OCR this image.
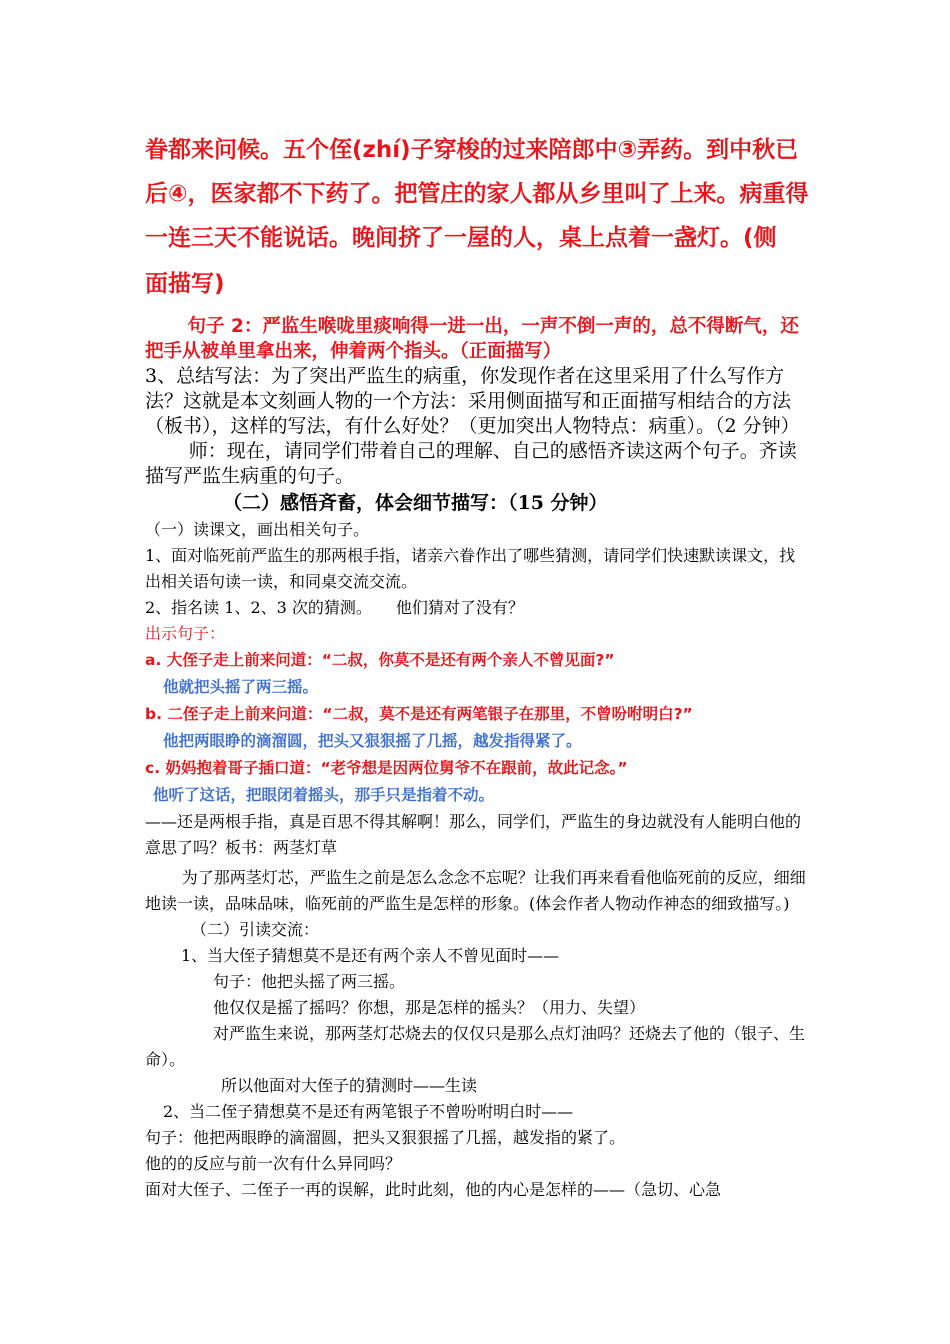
眷都来问候。五个侄(zhí)子穿梭的过来陪郎中③弄药。到中秋已后④，医家都不下药了。把管庄的家人都从乡里叫了上来。病重得一连三天不能说话。晚间挤了一屋的人，桌上点着一盏灯。(侧

面描写)

句子 2：严监生喉咙里痰响得一进一出，一声不倒一声的，总不得断气，还把手从被单里拿出来，伸着两个指头。（正面描写）

3、总结写法：为了突出严监生的病重，你发现作者在这里采用了什么写作方法？这就是本文刻画人物的一个方法：采用侧面描写和正面描写相结合的方法（板书），这样的写法，有什么好处？（更加突出人物特点：病重）。（2 分钟）

师：现在，请同学们带着自己的理解、自己的感悟齐读这两个句子。齐读描写严监生病重的句子。

（二）感悟斉畜，体会细节描写：（15 分钟）

（一）读课文，画出相关句子。

1、面对临死前严监生的那两根手指，诸亲六眷作出了哪些猜测，请同学们快速默读课文，找出相关语句读一读，和同桌交流交流。

2、指名读 1、2、3 次的猜测。　　他们猜对了没有？

出示句子：

a. 大侄子走上前来问道：“二叔，你莫不是还有两个亲人不曾见面?”

他就把头摇了两三摇。

b. 二侄子走上前来问道：“二叔，莫不是还有两笔银子在那里，不曾吩咐明白?”

他把两眼睁的滴溜圆，把头又狠狠摇了几摇，越发指得紧了。

c. 奶妈抱着哥子插口道：“老爷想是因两位舅爷不在跟前，故此记念。”

他听了这话，把眼闭着摇头，那手只是指着不动。

——还是两根手指，真是百思不得其解啊！那么，同学们，严监生的身边就没有人能明白他的意思了吗？板书：两茎灯草

为了那两茎灯芯，严监生之前是怎么念念不忘呢？让我们再来看看他临死前的反应，细细地读一读，品味品味，临死前的严监生是怎样的形象。(体会作者人物动作神态的细致描写。)

（二）引读交流：

1、当大侄子猜想莫不是还有两个亲人不曾见面时——

句子：他把头摇了两三摇。

他仅仅是摇了摇吗？你想，那是怎样的摇头？（用力、失望）

对严监生来说，那两茎灯芯烧去的仅仅只是那么点灯油吗？还烧去了他的（银子、生命）。

所以他面对大侄子的猜测时——生读

2、当二侄子猜想莫不是还有两笔银子不曾吩咐明白时——

句子：他把两眼睁的滴溜圆，把头又狠狠摇了几摇，越发指的紧了。

他的的反应与前一次有什么异同吗？

面对大侄子、二侄子一再的误解，此时此刻，他的内心是怎样的——（急切、心急
